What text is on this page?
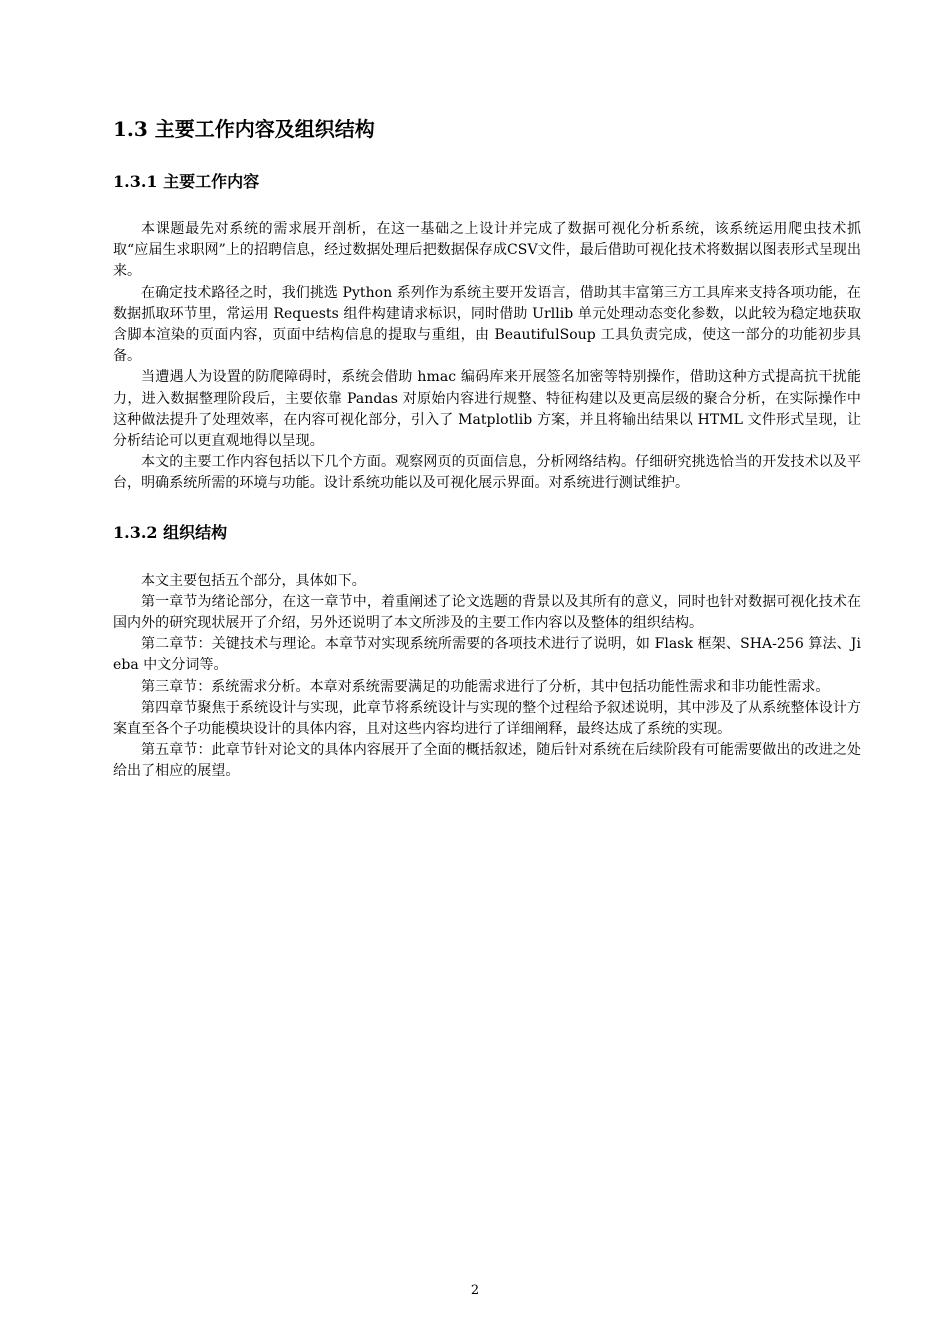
1.3 主要工作内容及组织结构
1.3.1 主要工作内容

本课题最先对系统的需求展开剖析，在这一基础之上设计并完成了数据可视化分析系统，该系统运用爬虫技术抓取“应届生求职网”上的招聘信息，经过数据处理后把数据保存成CSV文件，最后借助可视化技术将数据以图表形式呈现出来。

在确定技术路径之时，我们挑选 Python 系列作为系统主要开发语言，借助其丰富第三方工具库来支持各项功能，在数据抓取环节里，常运用 Requests 组件构建请求标识，同时借助 Urllib 单元处理动态变化参数，以此较为稳定地获取含脚本渲染的页面内容，页面中结构信息的提取与重组，由 BeautifulSoup 工具负责完成，使这一部分的功能初步具备。

当遭遇人为设置的防爬障碍时，系统会借助 hmac 编码库来开展签名加密等特别操作，借助这种方式提高抗干扰能力，进入数据整理阶段后，主要依靠 Pandas 对原始内容进行规整、特征构建以及更高层级的聚合分析，在实际操作中这种做法提升了处理效率，在内容可视化部分，引入了 Matplotlib 方案，并且将输出结果以 HTML 文件形式呈现，让分析结论可以更直观地得以呈现。

本文的主要工作内容包括以下几个方面。观察网页的页面信息，分析网络结构。仔细研究挑选恰当的开发技术以及平台，明确系统所需的环境与功能。设计系统功能以及可视化展示界面。对系统进行测试维护。

1.3.2 组织结构

本文主要包括五个部分，具体如下。

第一章节为绪论部分，在这一章节中，着重阐述了论文选题的背景以及其所有的意义，同时也针对数据可视化技术在国内外的研究现状展开了介绍，另外还说明了本文所涉及的主要工作内容以及整体的组织结构。

第二章节：关键技术与理论。本章节对实现系统所需要的各项技术进行了说明，如 Flask 框架、SHA-256 算法、Jieba 中文分词等。

第三章节：系统需求分析。本章对系统需要满足的功能需求进行了分析，其中包括功能性需求和非功能性需求。

第四章节聚焦于系统设计与实现，此章节将系统设计与实现的整个过程给予叙述说明，其中涉及了从系统整体设计方案直至各个子功能模块设计的具体内容，且对这些内容均进行了详细阐释，最终达成了系统的实现。

第五章节：此章节针对论文的具体内容展开了全面的概括叙述，随后针对系统在后续阶段有可能需要做出的改进之处给出了相应的展望。

2
